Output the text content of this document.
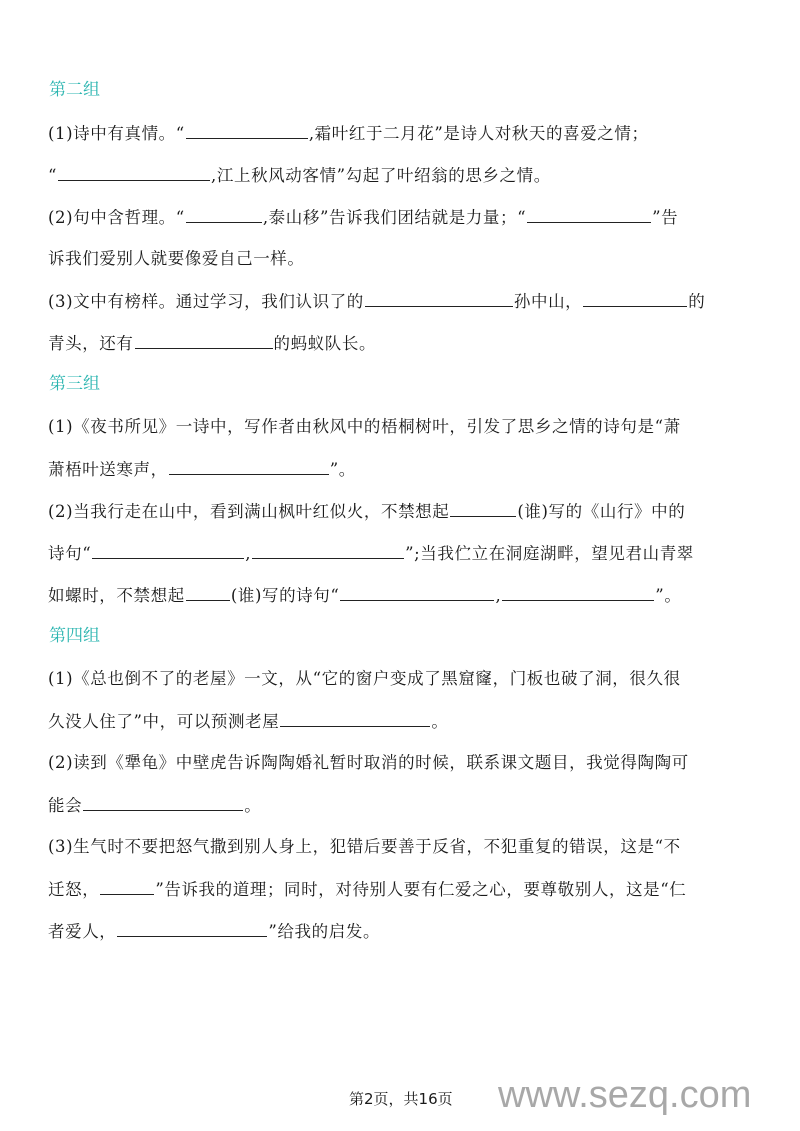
第二组
(1)诗中有真情。“	,霜叶红于二月花”是诗人对秋天的喜爱之情；
“	,江上秋风动客情”勾起了叶绍翁的思乡之情。
(2)句中含哲理。“	,泰山移”告诉我们团结就是力量；“	”告
诉我们爱别人就要像爱自己一样。
(3)文中有榜样。通过学习，我们认识了的	孙中山，	的
青头，还有	的蚂蚁队长。
第三组
(1)《夜书所见》一诗中，写作者由秋风中的梧桐树叶，引发了思乡之情的诗句是“萧
萧梧叶送寒声，	”。
(2)当我行走在山中，看到满山枫叶红似火，不禁想起	(谁)写的《山行》中的
诗句“	,	”;当我伫立在洞庭湖畔，望见君山青翠
如螺时，不禁想起	(谁)写的诗句“	,	”。
第四组
(1)《总也倒不了的老屋》一文，从“它的窗户变成了黑窟窿，门板也破了洞，很久很
久没人住了”中，可以预测老屋	。
(2)读到《犟龟》中壁虎告诉陶陶婚礼暂时取消的时候，联系课文题目，我觉得陶陶可
能会	。
(3)生气时不要把怒气撒到别人身上，犯错后要善于反省，不犯重复的错误，这是“不
迁怒，	”告诉我的道理；同时，对待别人要有仁爱之心，要尊敬别人，这是“仁
者爱人，	”给我的启发。
第2页，共16页 www.sezq.com
